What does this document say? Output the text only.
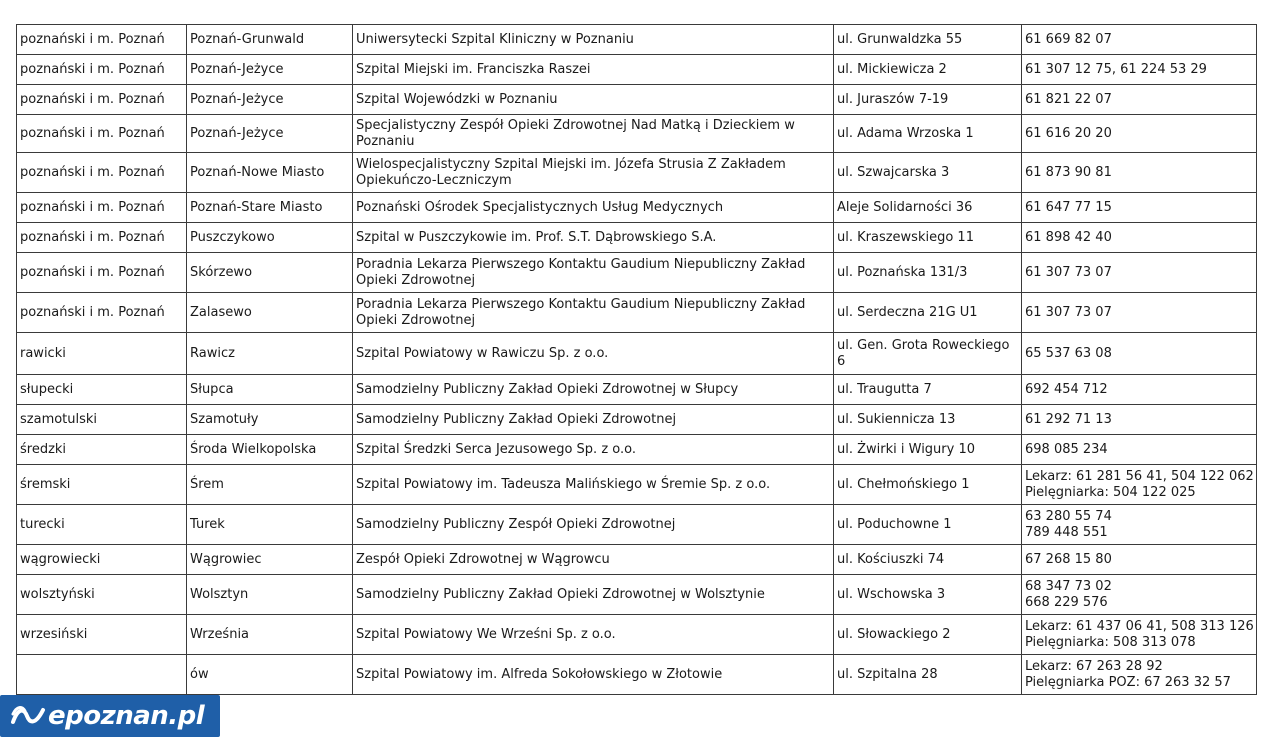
poznański i m. Poznań	Poznań-Grunwald	Uniwersytecki Szpital Kliniczny w Poznaniu	ul. Grunwaldzka 55	61 669 82 07
poznański i m. Poznań	Poznań-Jeżyce	Szpital Miejski im. Franciszka Raszei	ul. Mickiewicza 2	61 307 12 75, 61 224 53 29
poznański i m. Poznań	Poznań-Jeżyce	Szpital Wojewódzki w Poznaniu	ul. Juraszów 7-19	61 821 22 07
poznański i m. Poznań	Poznań-Jeżyce	Specjalistyczny Zespół Opieki Zdrowotnej Nad Matką i Dzieckiem w Poznaniu	ul. Adama Wrzoska 1	61 616 20 20
poznański i m. Poznań	Poznań-Nowe Miasto	Wielospecjalistyczny Szpital Miejski im. Józefa Strusia Z Zakładem Opiekuńczo-Leczniczym	ul. Szwajcarska 3	61 873 90 81
poznański i m. Poznań	Poznań-Stare Miasto	Poznański Ośrodek Specjalistycznych Usług Medycznych	Aleje Solidarności 36	61 647 77 15
poznański i m. Poznań	Puszczykowo	Szpital w Puszczykowie im. Prof. S.T. Dąbrowskiego S.A.	ul. Kraszewskiego 11	61 898 42 40
poznański i m. Poznań	Skórzewo	Poradnia Lekarza Pierwszego Kontaktu Gaudium Niepubliczny Zakład Opieki Zdrowotnej	ul. Poznańska 131/3	61 307 73 07
poznański i m. Poznań	Zalasewo	Poradnia Lekarza Pierwszego Kontaktu Gaudium Niepubliczny Zakład Opieki Zdrowotnej	ul. Serdeczna 21G U1	61 307 73 07
rawicki	Rawicz	Szpital Powiatowy w Rawiczu Sp. z o.o.	ul. Gen. Grota Roweckiego 6	65 537 63 08
słupecki	Słupca	Samodzielny Publiczny Zakład Opieki Zdrowotnej w Słupcy	ul. Traugutta 7	692 454 712
szamotulski	Szamotuły	Samodzielny Publiczny Zakład Opieki Zdrowotnej	ul. Sukiennicza 13	61 292 71 13
średzki	Środa Wielkopolska	Szpital Średzki Serca Jezusowego Sp. z o.o.	ul. Żwirki i Wigury 10	698 085 234
śremski	Śrem	Szpital Powiatowy im. Tadeusza Malińskiego w Śremie Sp. z o.o.	ul. Chełmońskiego 1	Lekarz: 61 281 56 41, 504 122 062
Pielęgniarka: 504 122 025

turecki	Turek	Samodzielny Publiczny Zespół Opieki Zdrowotnej	ul. Poduchowne 1	63 280 55 74
789 448 551

wągrowiecki	Wągrowiec	Zespół Opieki Zdrowotnej w Wągrowcu	ul. Kościuszki 74	67 268 15 80
wolsztyński	Wolsztyn	Samodzielny Publiczny Zakład Opieki Zdrowotnej w Wolsztynie	ul. Wschowska 3	68 347 73 02
668 229 576

wrzesiński	Września	Szpital Powiatowy We Wrześni Sp. z o.o.	ul. Słowackiego 2	Lekarz: 61 437 06 41, 508 313 126
Pielęgniarka: 508 313 078

	ów	Szpital Powiatowy im. Alfreda Sokołowskiego w Złotowie	ul. Szpitalna 28	Lekarz: 67 263 28 92
Pielęgniarka POZ: 67 263 32 57
epoznan.pl
